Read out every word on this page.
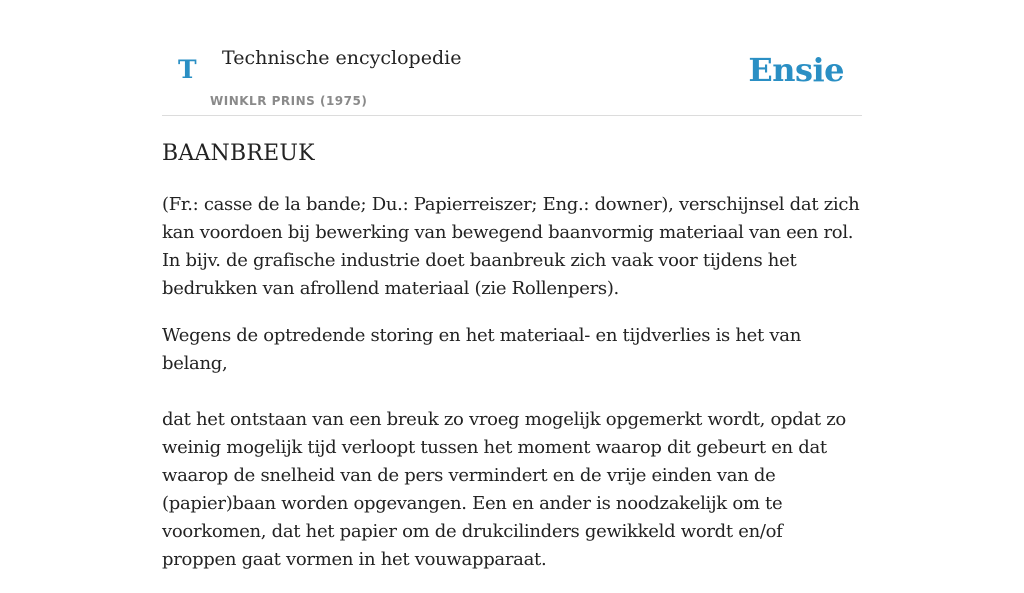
T Technische encyclopedie
WINKLR PRINS (1975)
Ensie
BAANBREUK

(Fr.: casse de la bande; Du.: Papierreiszer; Eng.: downer), verschijnsel dat zich kan voordoen bij bewerking van bewegend baanvormig materiaal van een rol. In bijv. de grafische industrie doet baanbreuk zich vaak voor tijdens het bedrukken van afrollend materiaal (zie Rollenpers).

Wegens de optredende storing en het materiaal- en tijdverlies is het van belang,

dat het ontstaan van een breuk zo vroeg mogelijk opgemerkt wordt, opdat zo weinig mogelijk tijd verloopt tussen het moment waarop dit gebeurt en dat waarop de snelheid van de pers vermindert en de vrije einden van de (papier)baan worden opgevangen. Een en ander is noodzakelijk om te voorkomen, dat het papier om de drukcilinders gewikkeld wordt en/of proppen gaat vormen in het vouwapparaat.
